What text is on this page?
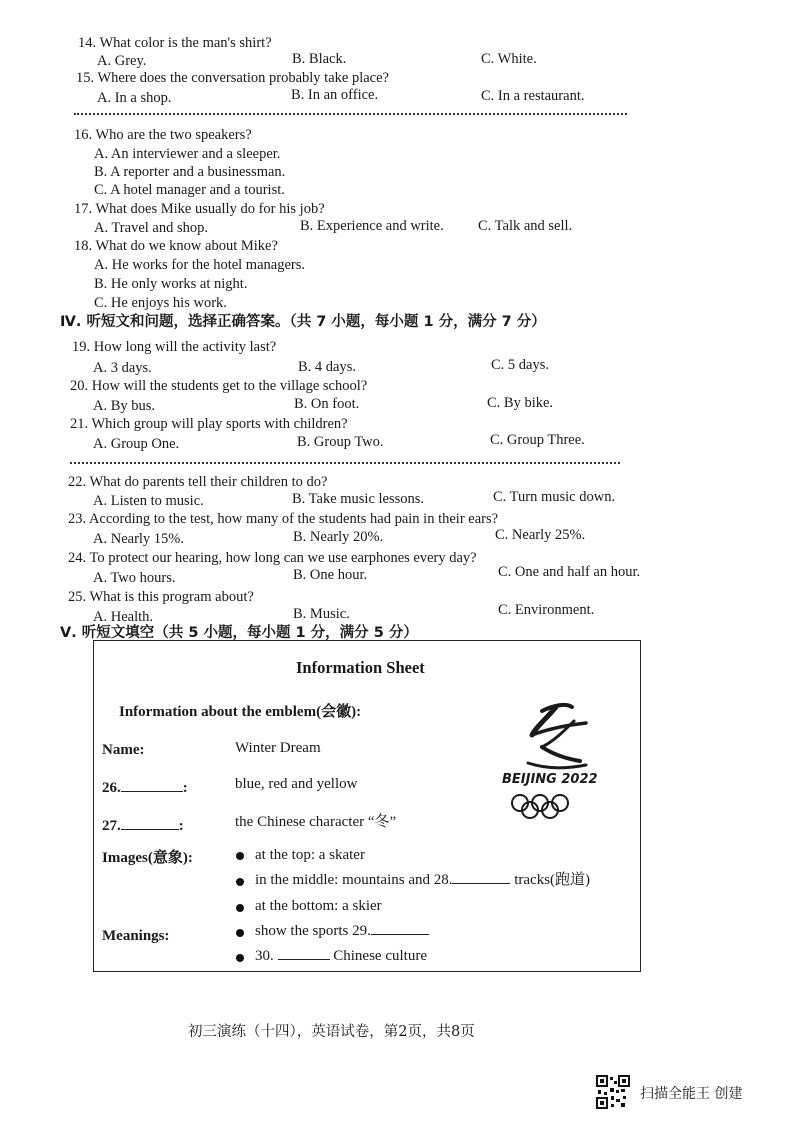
14. What color is the man's shirt?
A. Grey.	B. Black.	C. White.
15. Where does the conversation probably take place?
A. In a shop.	B. In an office.	C. In a restaurant.
16. Who are the two speakers?
A. An interviewer and a sleeper.
B. A reporter and a businessman.
C. A hotel manager and a tourist.
17. What does Mike usually do for his job?
A. Travel and shop.	B. Experience and write. C. Talk and sell.
18. What do we know about Mike?
A. He works for the hotel managers.
B. He only works at night.
C. He enjoys his work.
Ⅳ. 听短文和问题，选择正确答案。（共 7 小题，每小题 1 分，满分 7 分）
19. How long will the activity last?
A. 3 days.	B. 4 days.	C. 5 days.
20. How will the students get to the village school?
A. By bus.	B. On foot.	C. By bike.
21. Which group will play sports with children?
A. Group One.	B. Group Two.	C. Group Three.
22. What do parents tell their children to do?
A. Listen to music.	B. Take music lessons.	C. Turn music down.
23. According to the test, how many of the students had pain in their ears?
A. Nearly 15%.	B. Nearly 20%.	C. Nearly 25%.
24. To protect our hearing, how long can we use earphones every day?
A. Two hours.	B. One hour.	C. One and half an hour.
25. What is this program about?
A. Health.	B. Music.	C. Environment.
Ⅴ. 听短文填空（共 5 小题，每小题 1 分，满分 5 分）
Information Sheet
Information about the emblem(会徽):
Name:	Winter Dream
26.	:	blue, red and yellow
27.	:	the Chinese character “冬”
Images(意象):	at the top: a skater
in the middle: mountains and 28.	tracks(跑道)
at the bottom: a skier
Meanings:	show the sports 29.
30.	Chinese culture
BEIJING 2022
初三演练（十四），英语试卷，第2页，共8页
扫描全能王 创建
